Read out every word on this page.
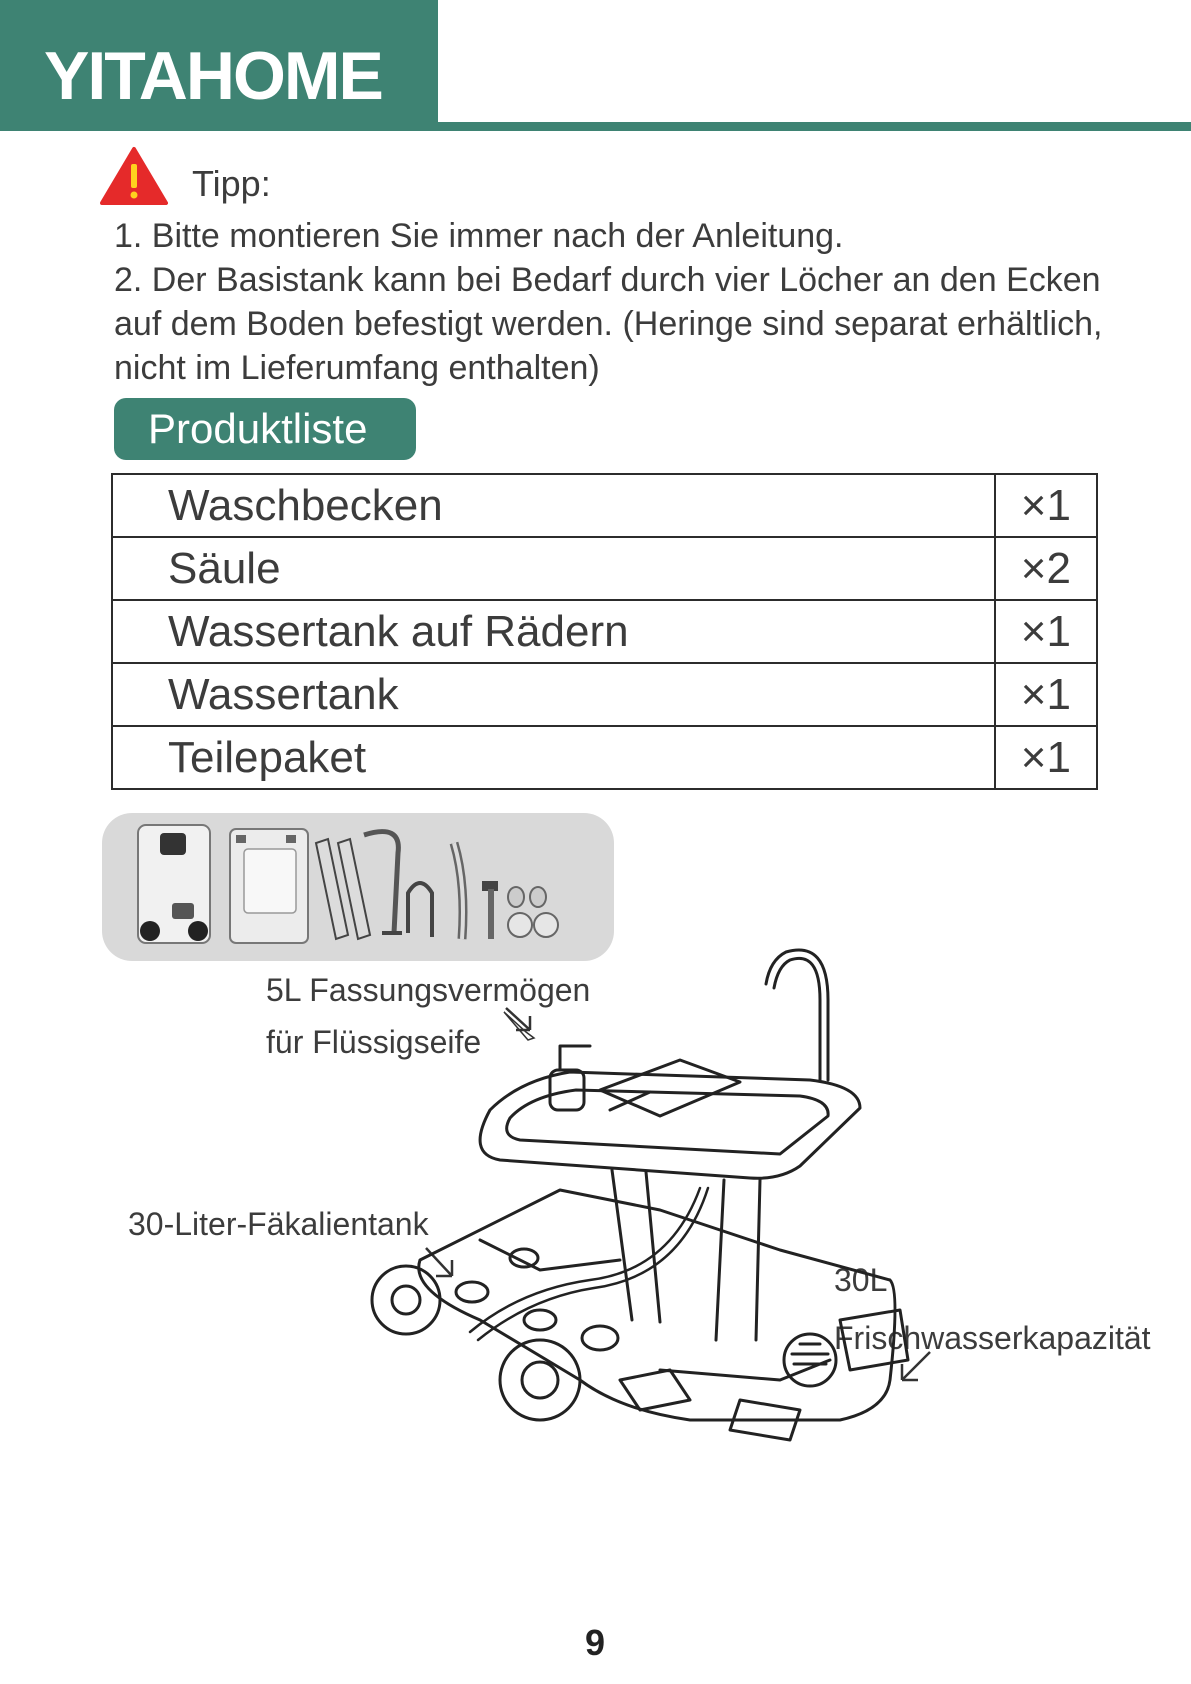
YITAHOME
Tipp:
1. Bitte montieren Sie immer nach der Anleitung.
2. Der Basistank kann bei Bedarf durch vier Löcher an den Ecken
auf dem Boden befestigt werden. (Heringe sind separat erhältlich,
nicht im Lieferumfang enthalten)
Produktliste
Waschbecken	×1
Säule	×2
Wassertank auf Rädern	×1
Wassertank	×1
Teilepaket	×1
5L Fassungsvermögen
für Flüssigseife
30-Liter-Fäkalientank
30L
Frischwasserkapazität
9
